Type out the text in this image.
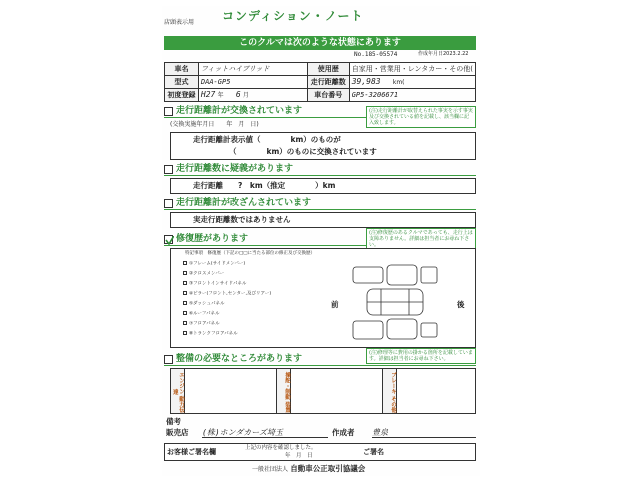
店頭表示用 コンディション・ノート
このクルマは次のような状態にあります
No.185-05574	作成年月日2023.2.22
車名	フィットハイブリッド	使用歴	自家用・営業用・レンタカー・その他(
型式	DAA-GP5	走行距離数	39,983 km(
初度登録	H27 年 6 月	車台番号	GP5-3206671
走行距離計が交換されています	(注)走行距離計が取替えられた事実を示す事実及び交換されている値を記載し、該当欄に記入致します。
(交換実施年月日　　年　月　日)
走行距離計表示値（　　　　km）のものが
（　　　　km）のものに交換されています
走行距離数に疑義があります
走行距離　　?　km（推定　　　　）km
走行距離計が改ざんされています
実走行距離数ではありません
修復歴があります
(注)修復歴のあるクルマであっても、走行上は支障ありません。詳細は担当者にお尋ね下さい。
特記事項　修復歴（下記の□□に当たる部位の修正及び交換歴）
①フレーム(サイドメンバー)
②クロスメンバー
③フロントインサイドパネル
④ピラー(フロント,センター,及びリアー)
⑤ダッシュパネル
⑥ルーフパネル
⑦フロアパネル
⑧トランクフロアパネル
前	後
整備の必要なところがあります
(注)修理等に費用の掛かる箇所を記載しています。詳細は担当者にお尋ね下さい。
エンジン 動力伝達	操舵・制動 装置	ブレーキ その他
備考
販売店 (株)ホンダカーズ埼玉	作成者 豊泉
お客様ご署名欄	上記の内容を確認しました。
年　月　日	ご署名
一般社団法人 自動車公正取引協議会
